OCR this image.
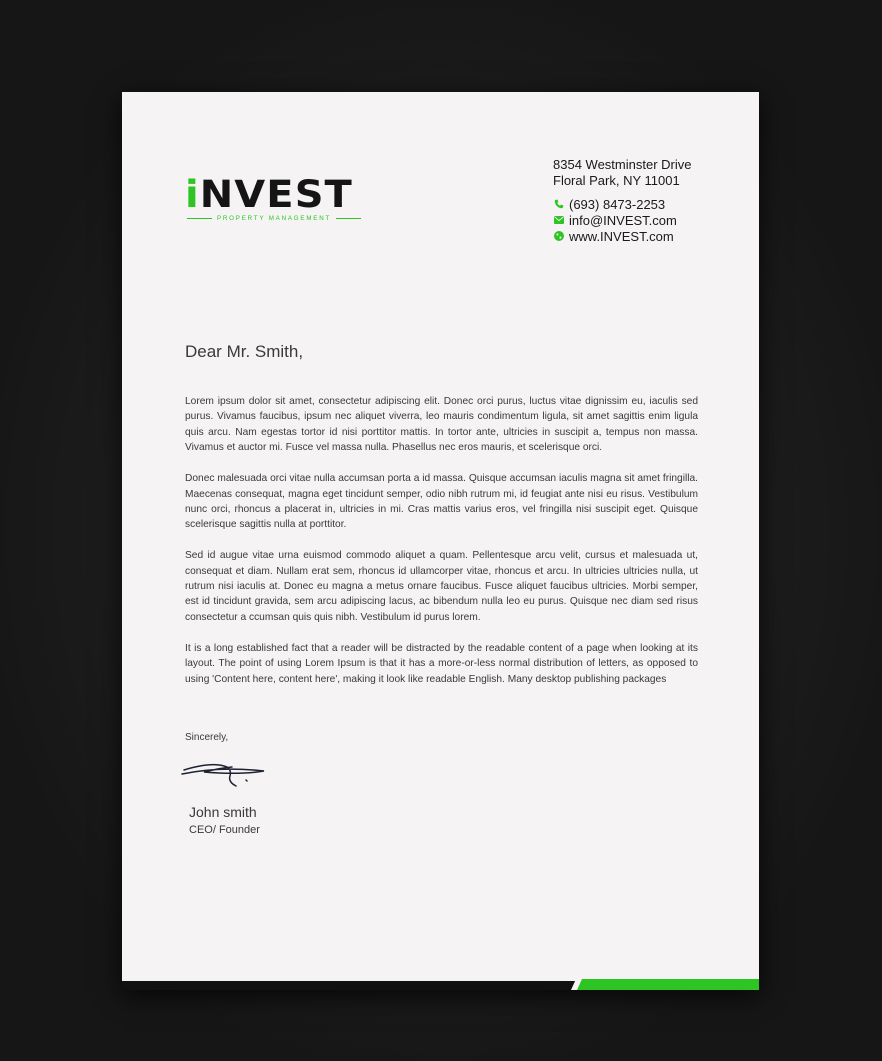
iNVEST
PROPERTY MANAGEMENT
8354 Westminster Drive
Floral Park, NY 11001
(693) 8473-2253
info@INVEST.com
www.INVEST.com
Dear Mr. Smith,

Lorem ipsum dolor sit amet, consectetur adipiscing elit. Donec orci purus, luctus vitae dignissim eu, iaculis sed purus. Vivamus faucibus, ipsum nec aliquet viverra, leo mauris condimentum ligula, sit amet sagittis enim ligula quis arcu. Nam egestas tortor id nisi porttitor mattis. In tortor ante, ultricies in suscipit a, tempus non massa. Vivamus et auctor mi. Fusce vel massa nulla. Phasellus nec eros mauris, et scelerisque orci.

Donec malesuada orci vitae nulla accumsan porta a id massa. Quisque accumsan iaculis magna sit amet fringilla. Maecenas consequat, magna eget tincidunt semper, odio nibh rutrum mi, id feugiat ante nisi eu risus. Vestibulum nunc orci, rhoncus a placerat in, ultricies in mi. Cras mattis varius eros, vel fringilla nisi suscipit eget. Quisque scelerisque sagittis nulla at porttitor.

Sed id augue vitae urna euismod commodo aliquet a quam. Pellentesque arcu velit, cursus et malesuada ut, consequat et diam. Nullam erat sem, rhoncus id ullamcorper vitae, rhoncus et arcu. In ultricies ultricies nulla, ut rutrum nisi iaculis at. Donec eu magna a metus ornare faucibus. Fusce aliquet faucibus ultricies. Morbi semper, est id tincidunt gravida, sem arcu adipiscing lacus, ac bibendum nulla leo eu purus. Quisque nec diam sed risus consectetur a ccumsan quis quis nibh. Vestibulum id purus lorem.

It is a long established fact that a reader will be distracted by the readable content of a page when looking at its layout. The point of using Lorem Ipsum is that it has a more-or-less normal distribution of letters, as opposed to using 'Content here, content here', making it look like readable English. Many desktop publishing packages

Sincerely,
John smith
CEO/ Founder
